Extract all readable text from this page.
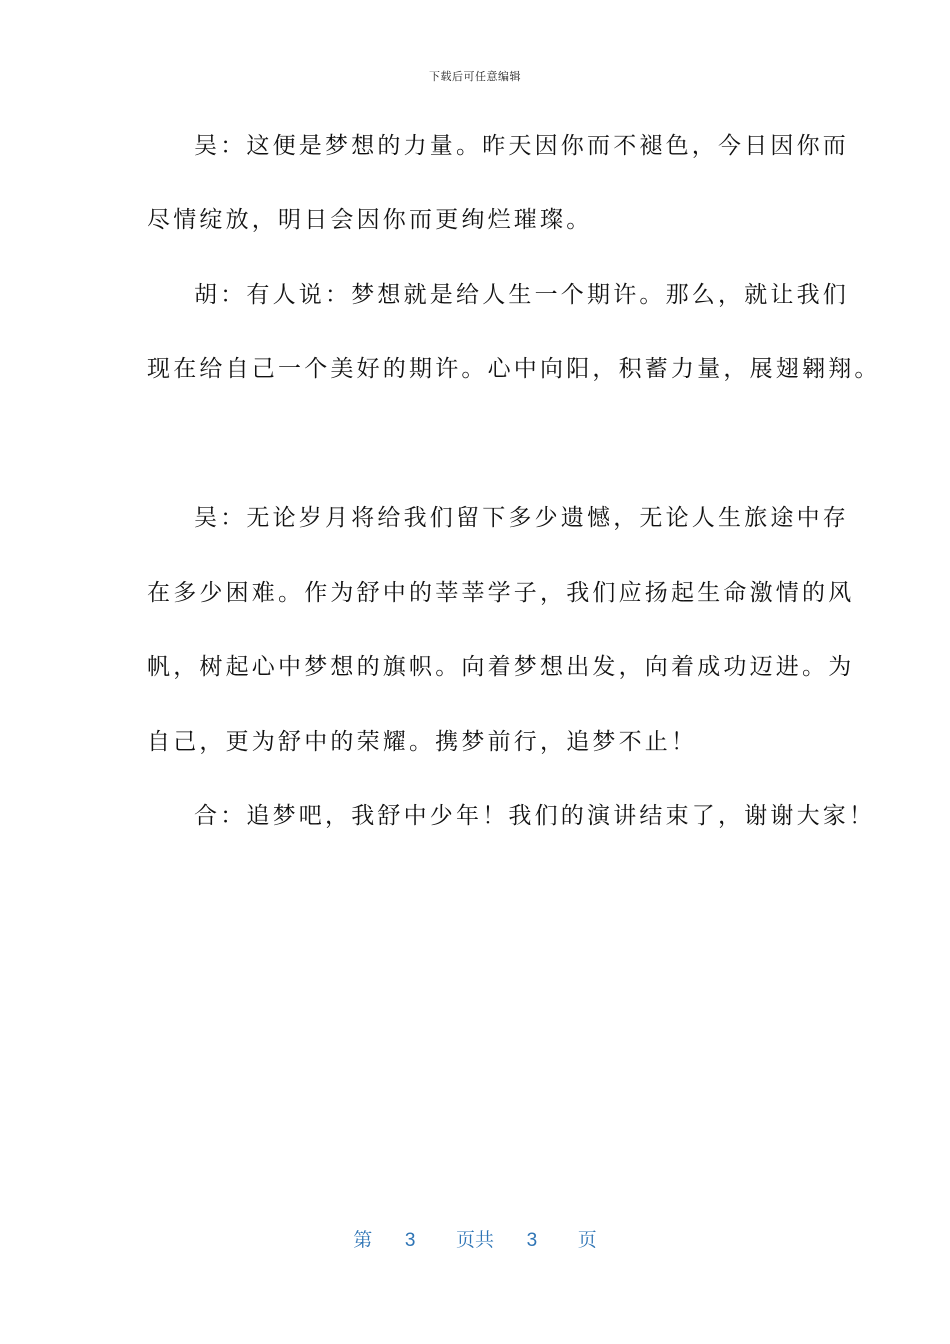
下载后可任意编辑
吴：这便是梦想的力量。昨天因你而不褪色，今日因你而
尽情绽放，明日会因你而更绚烂璀璨。
胡：有人说：梦想就是给人生一个期许。那么，就让我们
现在给自己一个美好的期许。心中向阳，积蓄力量，展翅翱翔。
吴：无论岁月将给我们留下多少遗憾，无论人生旅途中存
在多少困难。作为舒中的莘莘学子，我们应扬起生命激情的风
帆，树起心中梦想的旗帜。向着梦想出发，向着成功迈进。为
自己，更为舒中的荣耀。携梦前行，追梦不止！
合：追梦吧，我舒中少年！我们的演讲结束了，谢谢大家！
第 3 页共 3 页
